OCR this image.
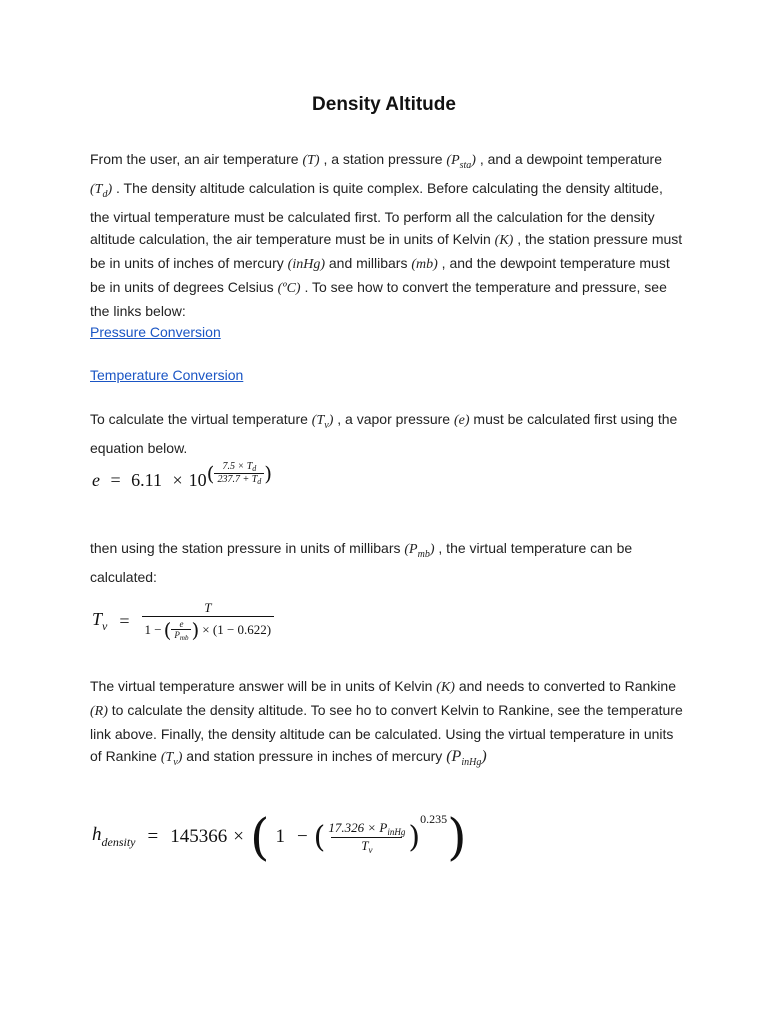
Density Altitude
From the user, an air temperature (T) , a station pressure $(P_{sta})$ , and a dewpoint temperature $(T_d)$ . The density altitude calculation is quite complex. Before calculating the density altitude, the virtual temperature must be calculated first. To perform all the calculation for the density altitude calculation, the air temperature must be in units of Kelvin (K) , the station pressure must be in units of inches of mercury (inHg) and millibars (mb) , and the dewpoint temperature must be in units of degrees Celsius (ºC) . To see how to convert the temperature and pressure, see the links below:
Pressure Conversion
Temperature Conversion
To calculate the virtual temperature $(T_v)$ , a vapor pressure (e) must be calculated first using the equation below.
$e = 6.11 \times 10( \frac{7.5 \times T_d}{237.7 + T_d}$ )
then using the station pressure in units of millibars $(P_{mb})$ , the virtual temperature can be calculated:
$T_v = \frac{T}{1 - ( \frac{e}{P_{mb}} ) \times (1 - 0.622)}$
The virtual temperature answer will be in units of Kelvin (K) and needs to converted to Rankine (R) to calculate the density altitude. To see ho to convert Kelvin to Rankine, see the temperature link above. Finally, the density altitude can be calculated. Using the virtual temperature in units of Rankine $(T_v)$ and station pressure in inches of mercury $(P_{inHg})$
$h_{density} = 145366$ × ( 1 − ( $\frac{17.326 \times P_{inHg}}{T_v}$ )
0.235 )
